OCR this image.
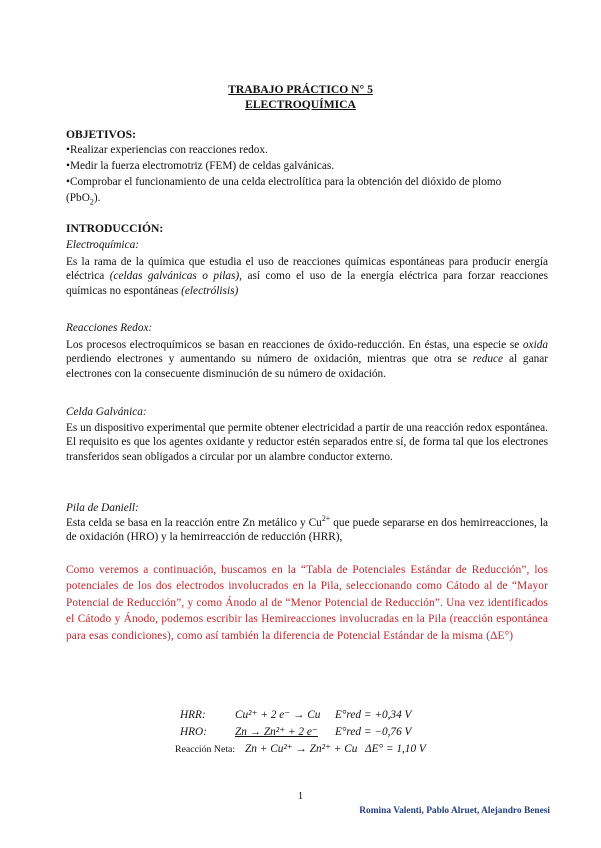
TRABAJO PRÁCTICO N° 5
ELECTROQUÍMICA
OBJETIVOS:
•Realizar experiencias con reacciones redox.
•Medir la fuerza electromotriz (FEM) de celdas galvánicas.
•Comprobar el funcionamiento de una celda electrolítica para la obtención del dióxido de plomo
(PbO$_2$).
INTRODUCCIÓN:
Electroquímica:
Es la rama de la química que estudia el uso de reacciones químicas espontáneas para producir energía eléctrica (celdas galvánicas o pilas), así como el uso de la energía eléctrica para forzar reacciones químicas no espontáneas (electrólisis)
Reacciones Redox:
Los procesos electroquímicos se basan en reacciones de óxido-reducción. En éstas, una especie se oxida perdiendo electrones y aumentando su número de oxidación, mientras que otra se reduce al ganar electrones con la consecuente disminución de su número de oxidación.
Celda Galvánica:
Es un dispositivo experimental que permite obtener electricidad a partir de una reacción redox espontánea. El requisito es que los agentes oxidante y reductor estén separados entre sí, de forma tal que los electrones transferidos sean obligados a circular por un alambre conductor externo.
Pila de Daniell:
Esta celda se basa en la reacción entre Zn metálico y $Cu^{2+}$ que puede separarse en dos hemirreacciones, la de oxidación (HRO) y la hemirreacción de reducción (HRR),
Como veremos a continuación, buscamos en la “Tabla de Potenciales Estándar de Reducción”, los potenciales de los dos electrodos involucrados en la Pila, seleccionando como Cátodo al de “Mayor Potencial de Reducción”, y como Ánodo al de “Menor Potencial de Reducción”. Una vez identificados el Cátodo y Ánodo, podemos escribir las Hemireacciones involucradas en la Pila (reacción espontánea para esas condiciones), como así también la diferencia de Potencial Estándar de la misma (ΔE°)
HRR:	Cu²⁺ + 2 e⁻ → Cu E°red = +0,34 V
HRO: Zn → Zn²⁺ + 2 e⁻ E°red = −0,76 V
Reacción Neta: Zn + Cu²⁺ → Zn²⁺ + Cu ΔE° = 1,10 V
1
Romina Valenti, Pablo Alruet, Alejandro Benesi
